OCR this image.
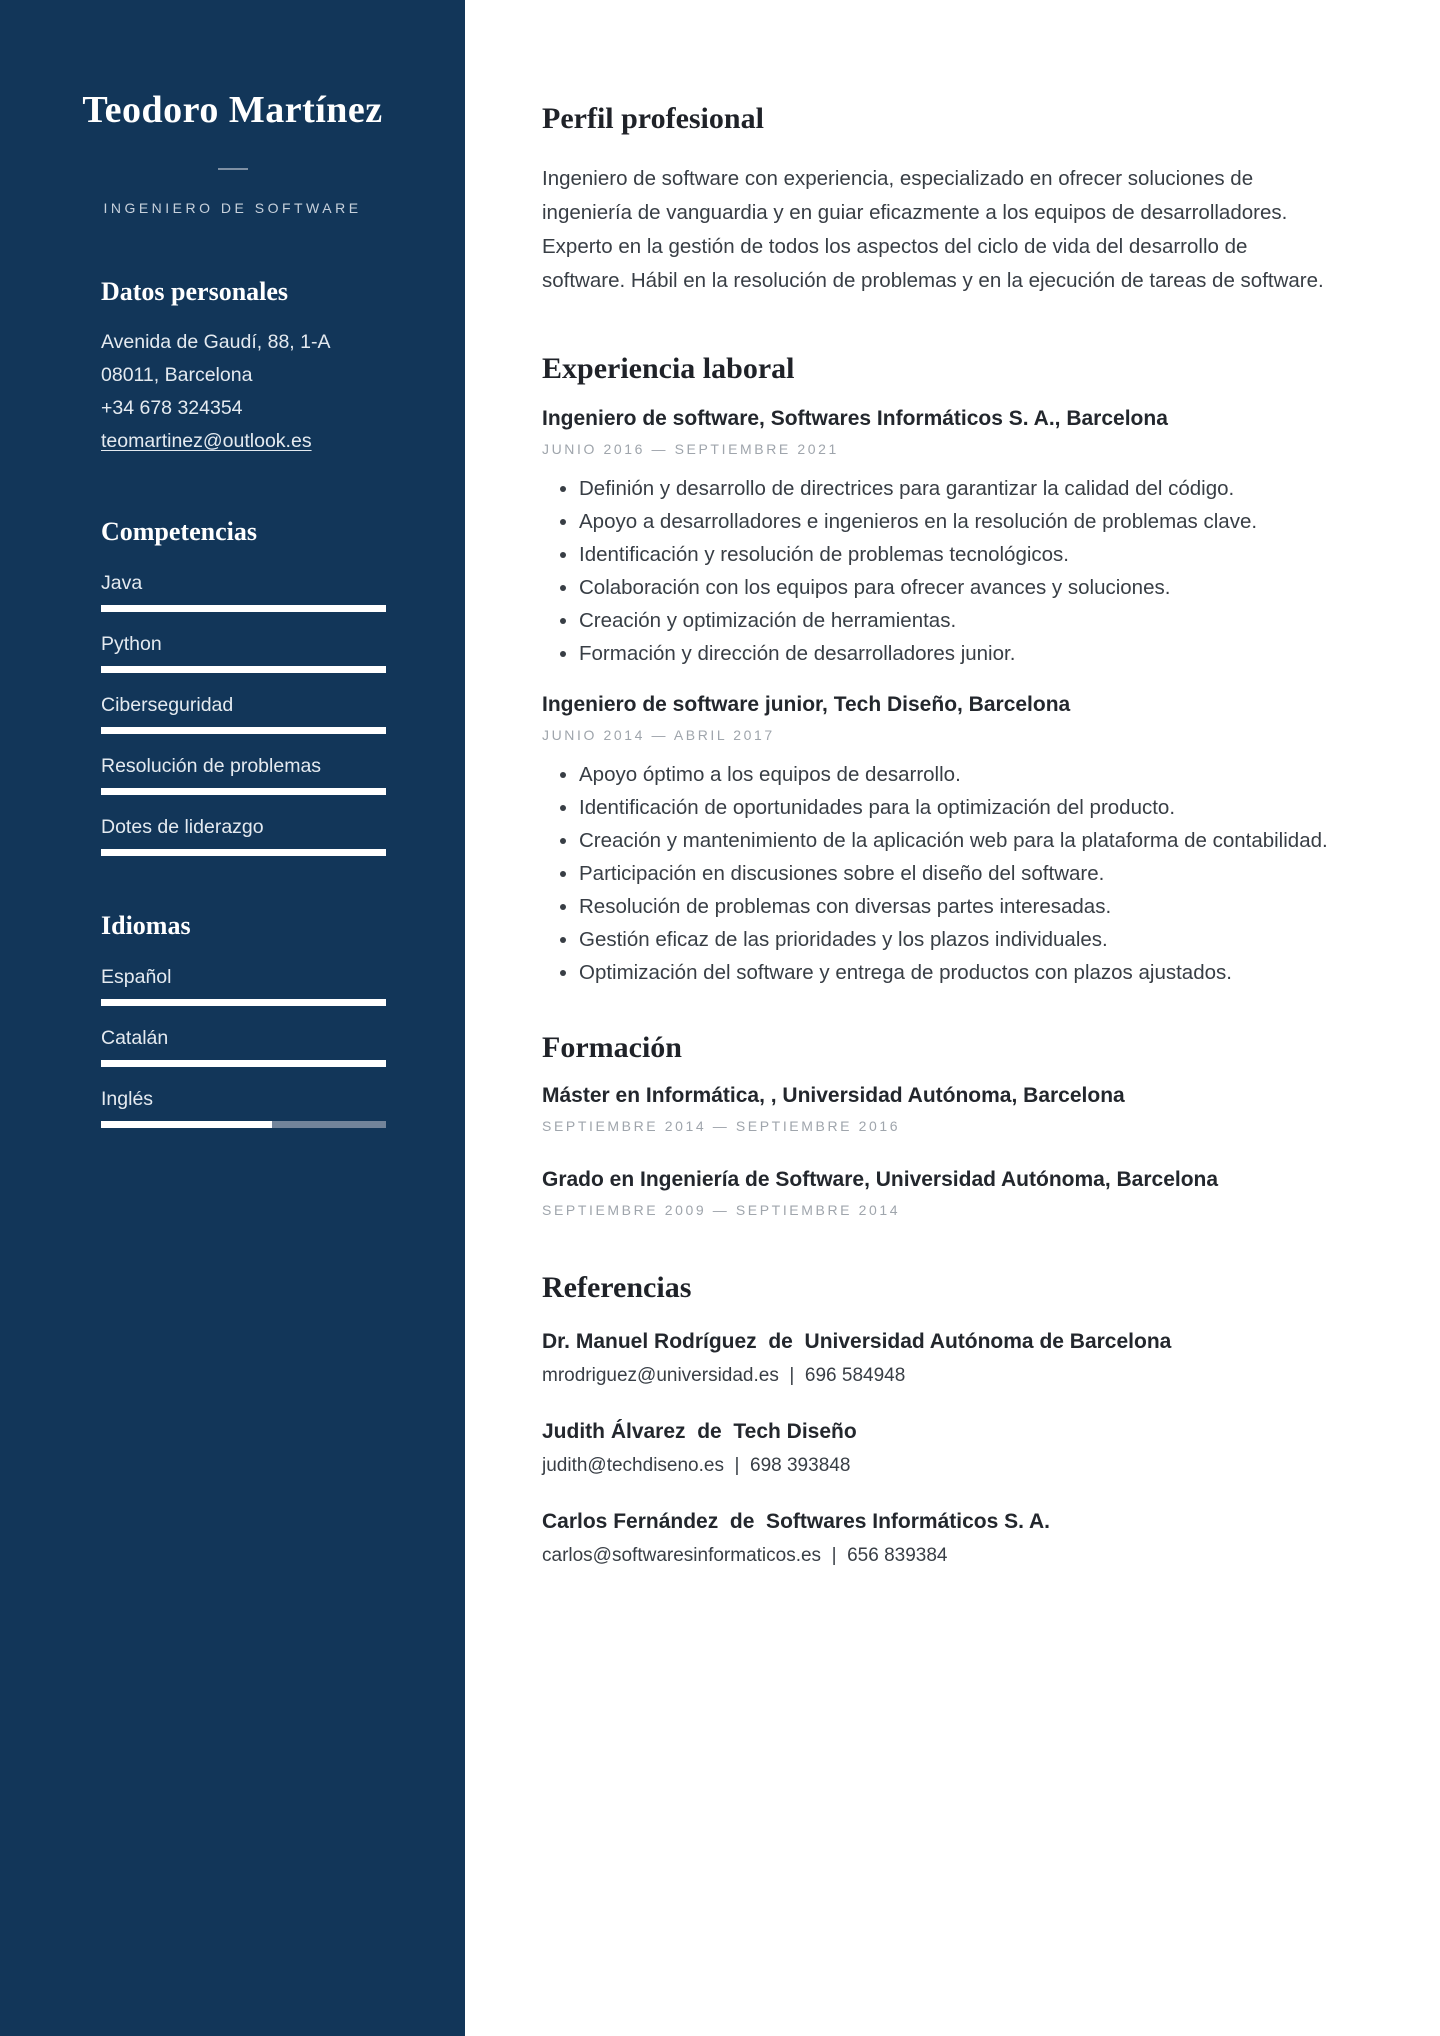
Teodoro Martínez
INGENIERO DE SOFTWARE
Datos personales
Avenida de Gaudí, 88, 1-A
08011, Barcelona
+34 678 324354
teomartinez@outlook.es
Competencias
Java
Python
Ciberseguridad
Resolución de problemas
Dotes de liderazgo
Idiomas
Español
Catalán
Inglés
Perfil profesional

Ingeniero de software con experiencia, especializado en ofrecer soluciones de ingeniería de vanguardia y en guiar eficazmente a los equipos de desarrolladores. Experto en la gestión de todos los aspectos del ciclo de vida del desarrollo de software. Hábil en la resolución de problemas y en la ejecución de tareas de software.

Experiencia laboral
Ingeniero de software, Softwares Informáticos S. A., Barcelona
JUNIO 2016 — SEPTIEMBRE 2021
• Definión y desarrollo de directrices para garantizar la calidad del código.
• Apoyo a desarrolladores e ingenieros en la resolución de problemas clave.
• Identificación y resolución de problemas tecnológicos.
• Colaboración con los equipos para ofrecer avances y soluciones.
• Creación y optimización de herramientas.
• Formación y dirección de desarrolladores junior.
Ingeniero de software junior, Tech Diseño, Barcelona
JUNIO 2014 — ABRIL 2017
• Apoyo óptimo a los equipos de desarrollo.
• Identificación de oportunidades para la optimización del producto.
• Creación y mantenimiento de la aplicación web para la plataforma de contabilidad.
• Participación en discusiones sobre el diseño del software.
• Resolución de problemas con diversas partes interesadas.
• Gestión eficaz de las prioridades y los plazos individuales.
• Optimización del software y entrega de productos con plazos ajustados.
Formación
Máster en Informática, , Universidad Autónoma, Barcelona
SEPTIEMBRE 2014 — SEPTIEMBRE 2016
Grado en Ingeniería de Software, Universidad Autónoma, Barcelona
SEPTIEMBRE 2009 — SEPTIEMBRE 2014
Referencias
Dr. Manuel Rodríguez  de  Universidad Autónoma de Barcelona
mrodriguez@universidad.es  |  696 584948
Judith Álvarez  de  Tech Diseño
judith@techdiseno.es  |  698 393848
Carlos Fernández  de  Softwares Informáticos S. A.
carlos@softwaresinformaticos.es  |  656 839384
